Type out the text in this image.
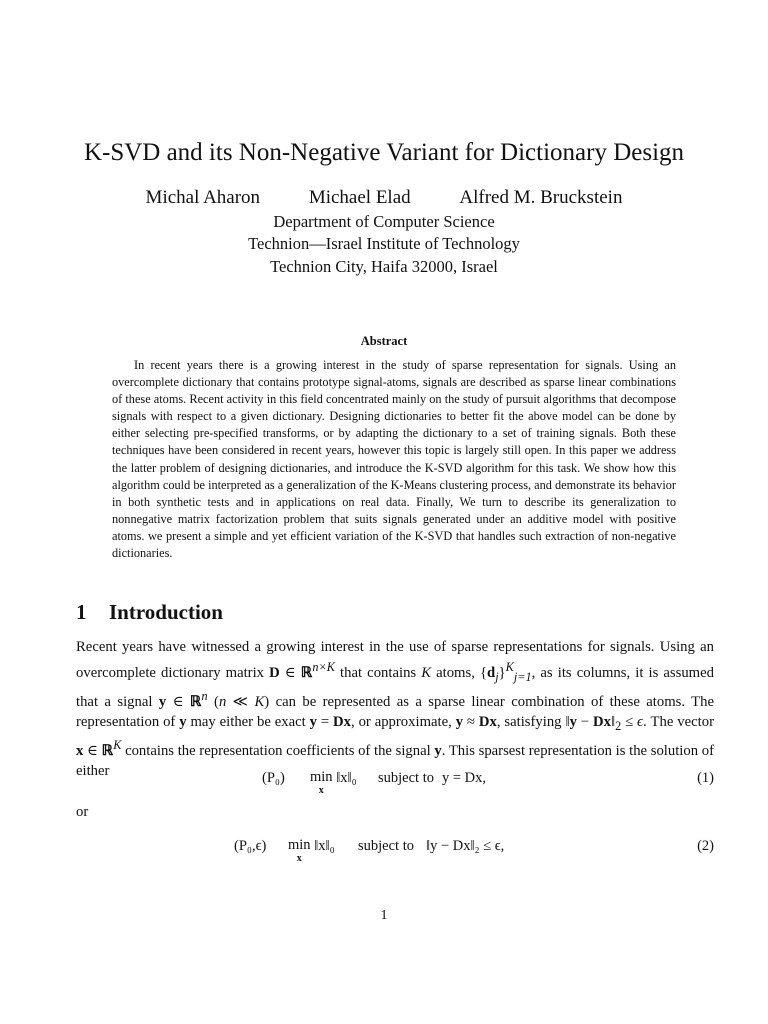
K-SVD and its Non-Negative Variant for Dictionary Design
Michal Aharon	Michael Elad	Alfred M. Bruckstein
Department of Computer Science
Technion—Israel Institute of Technology
Technion City, Haifa 32000, Israel
Abstract

In recent years there is a growing interest in the study of sparse representation for signals. Using an overcomplete dictionary that contains prototype signal-atoms, signals are described as sparse linear combinations of these atoms. Recent activity in this field concentrated mainly on the study of pursuit algorithms that decompose signals with respect to a given dictionary. Designing dictionaries to better fit the above model can be done by either selecting pre-specified transforms, or by adapting the dictionary to a set of training signals. Both these techniques have been considered in recent years, however this topic is largely still open. In this paper we address the latter problem of designing dictionaries, and introduce the K-SVD algorithm for this task. We show how this algorithm could be interpreted as a generalization of the K-Means clustering process, and demonstrate its behavior in both synthetic tests and in applications on real data. Finally, We turn to describe its generalization to nonnegative matrix factorization problem that suits signals generated under an additive model with positive atoms. we present a simple and yet efficient variation of the K-SVD that handles such extraction of non-negative dictionaries.

1 Introduction

Recent years have witnessed a growing interest in the use of sparse representations for signals. Using an overcomplete dictionary matrix D ∈ ℝ$^{n\times K}$ that contains K atoms, $\{d_j\}^K_{j=1}$, as its columns, it is assumed that a signal y ∈ ℝ$^n$ (n ≪ K) can be represented as a sparse linear combination of these atoms. The representation of y may either be exact y = Dx, or approximate, y ≈ Dx, satisfying ‖y − $Dx‖_2 \le \epsilon$. The vector x ∈ ℝ$^K$ contains the representation coefficients of the signal y. This sparsest representation is the solution of either	(P₀) min
x
‖x‖₀ subject to y = Dx,	(1)
or
(P₀,ϵ) min
x
‖x‖₀ subject to ‖y − Dx‖₂ ≤ ϵ,	(2)
1
